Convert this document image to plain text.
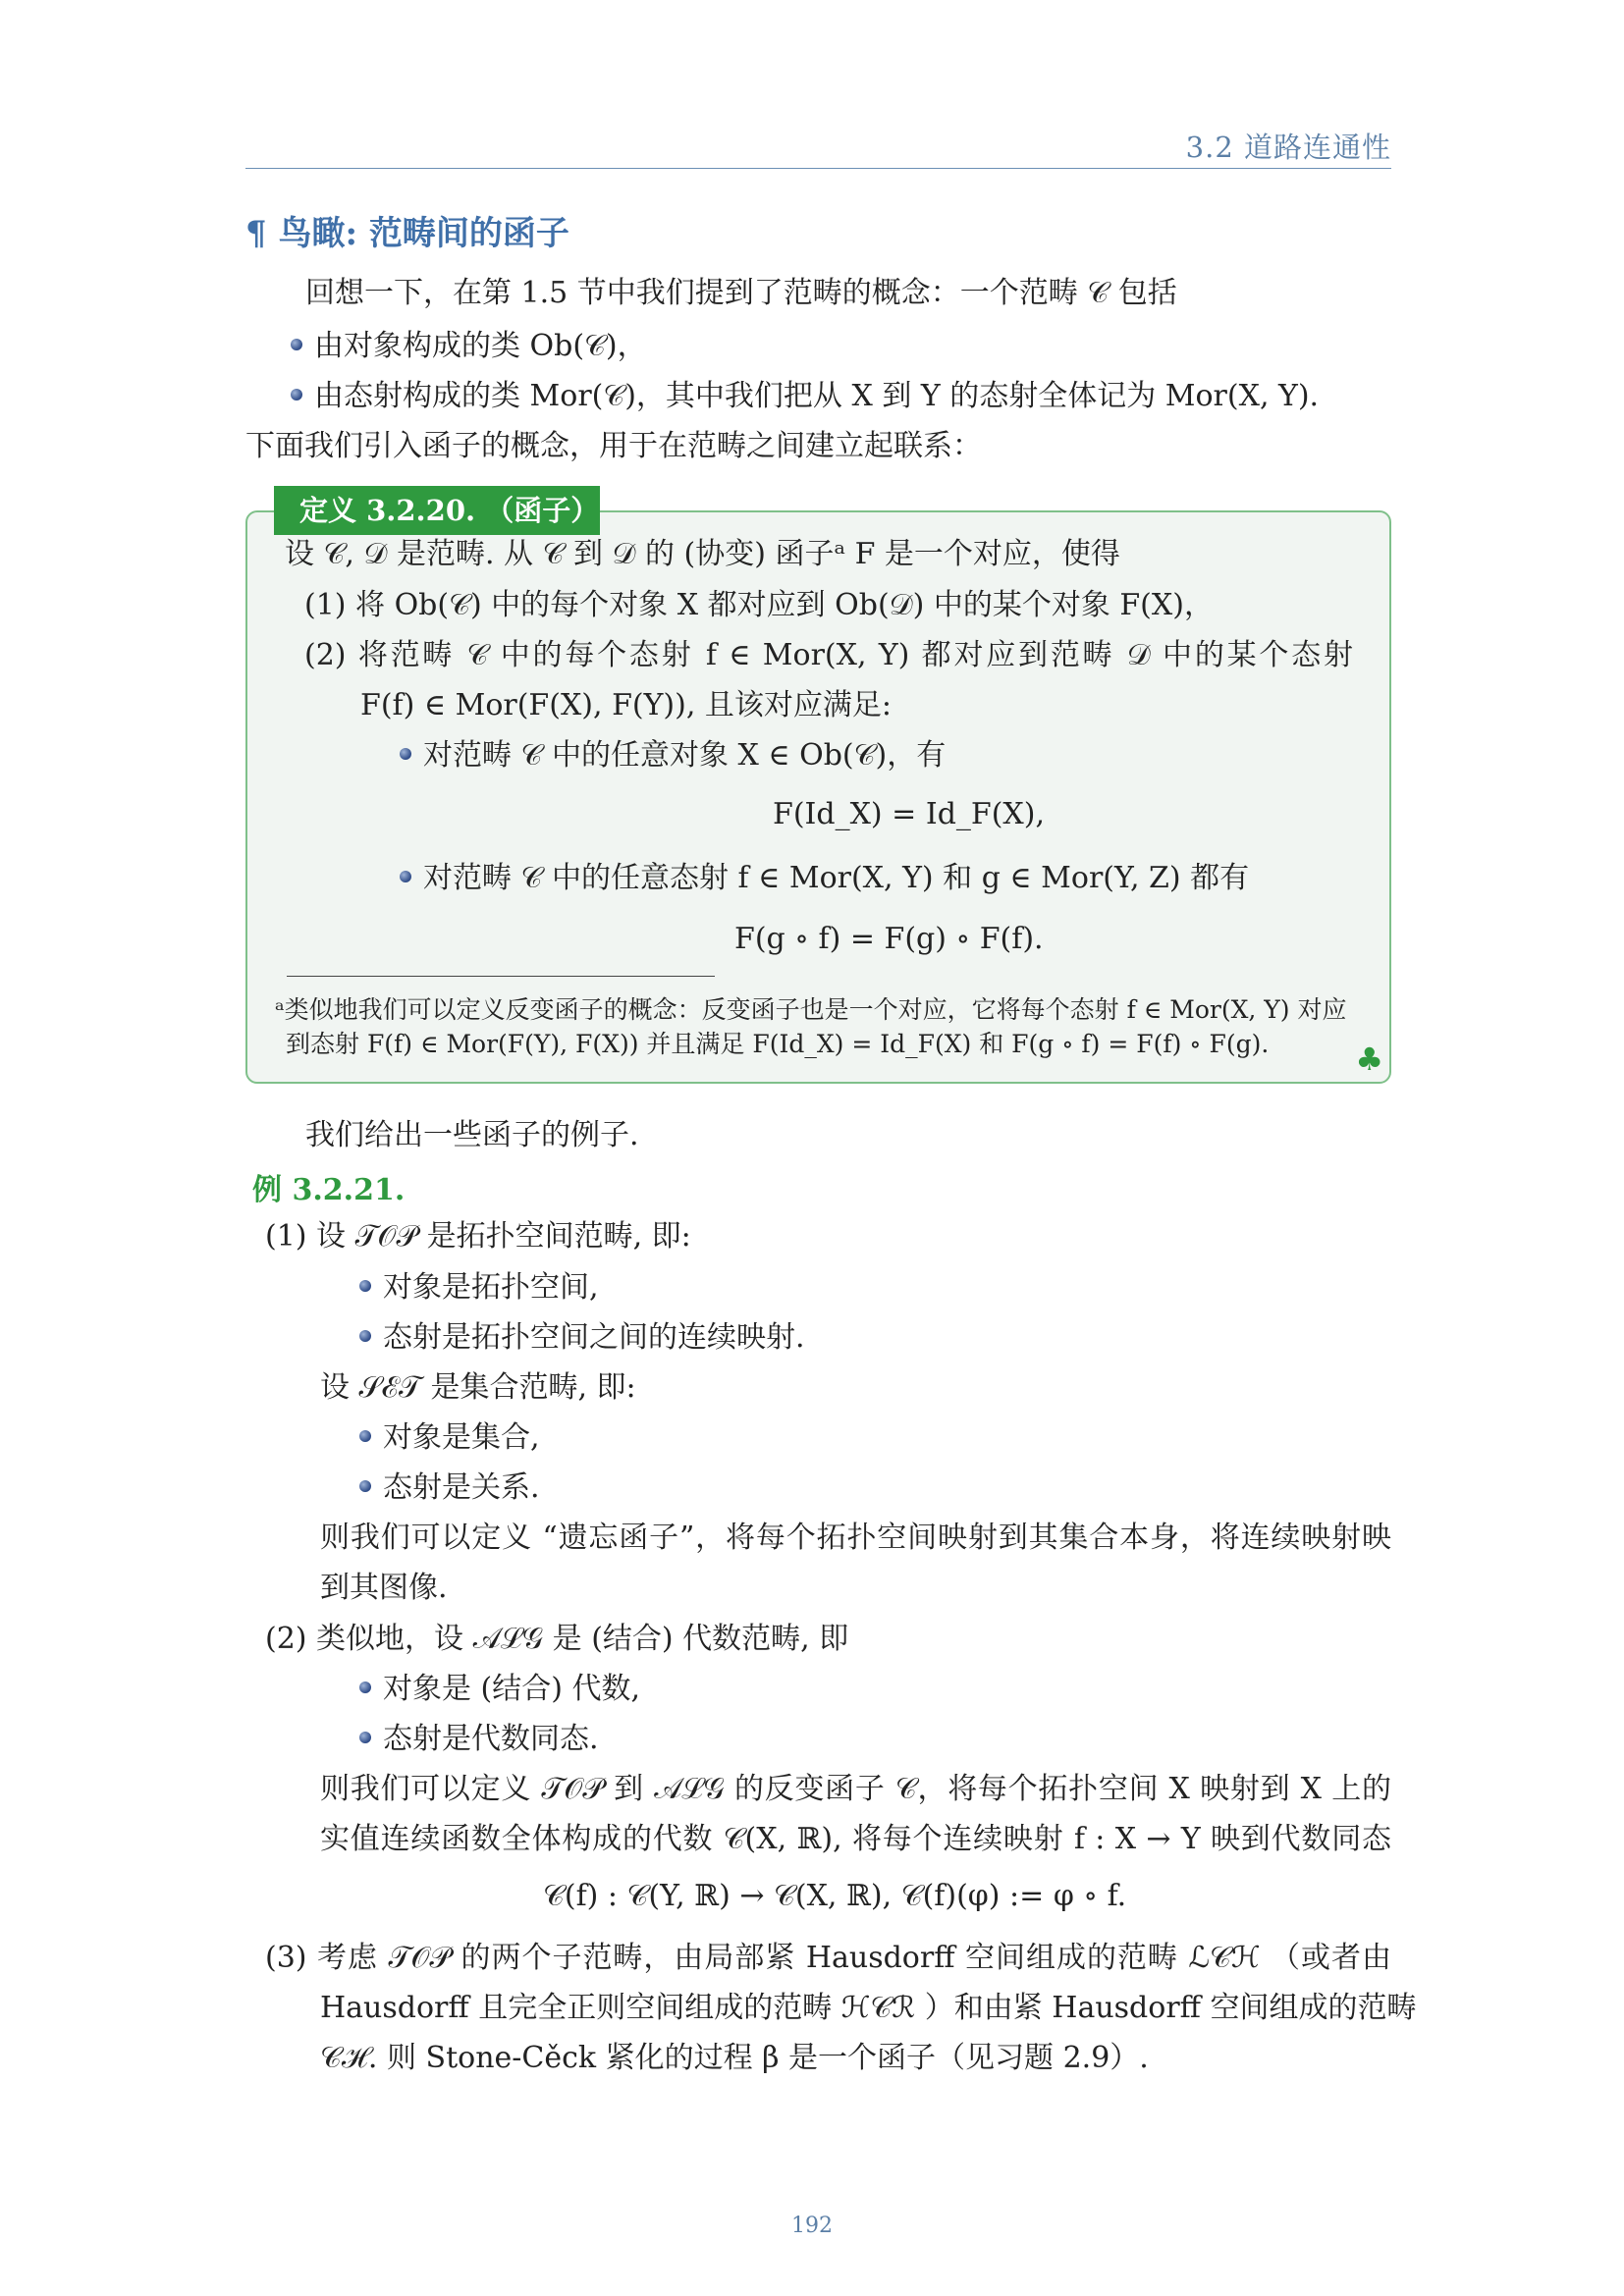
3.2 道路连通性
¶ 鸟瞰: 范畴间的函子
回想一下，在第 1.5 节中我们提到了范畴的概念：一个范畴 𝒞 包括
由对象构成的类 Ob(𝒞)，
由态射构成的类 Mor(𝒞)，其中我们把从 X 到 Y 的态射全体记为 Mor(X, Y).
下面我们引入函子的概念，用于在范畴之间建立起联系：
定义 3.2.20. （函子）
设 𝒞, 𝒟 是范畴. 从 𝒞 到 𝒟 的 (协变) 函子ᵃ F 是一个对应，使得
(1) 将 Ob(𝒞) 中的每个对象 X 都对应到 Ob(𝒟) 中的某个对象 F(X)，
(2) 将范畴 𝒞 中的每个态射 f ∈ Mor(X, Y) 都对应到范畴 𝒟 中的某个态射
F(f) ∈ Mor(F(X), F(Y)), 且该对应满足:
对范畴 𝒞 中的任意对象 X ∈ Ob(𝒞)，有
F(Id_X) = Id_F(X),
对范畴 𝒞 中的任意态射 f ∈ Mor(X, Y) 和 g ∈ Mor(Y, Z) 都有
F(g ∘ f) = F(g) ∘ F(f).
ᵃ类似地我们可以定义反变函子的概念：反变函子也是一个对应，它将每个态射 f ∈ Mor(X, Y) 对应
到态射 F(f) ∈ Mor(F(Y), F(X)) 并且满足 F(Id_X) = Id_F(X) 和 F(g ∘ f) = F(f) ∘ F(g).	♣
我们给出一些函子的例子.
例 3.2.21.
(1) 设 𝒯𝒪𝒫 是拓扑空间范畴, 即:
对象是拓扑空间,
态射是拓扑空间之间的连续映射.
设 𝒮ℰ𝒯 是集合范畴, 即:
对象是集合,
态射是关系.
则我们可以定义 “遗忘函子”，将每个拓扑空间映射到其集合本身，将连续映射映
到其图像.
(2) 类似地，设 𝒜ℒ𝒢 是 (结合) 代数范畴, 即
对象是 (结合) 代数,
态射是代数同态.
则我们可以定义 𝒯𝒪𝒫 到 𝒜ℒ𝒢 的反变函子 𝒞，将每个拓扑空间 X 映射到 X 上的
实值连续函数全体构成的代数 𝒞(X, ℝ), 将每个连续映射 f : X → Y 映到代数同态
𝒞(f) : 𝒞(Y, ℝ) → 𝒞(X, ℝ), 𝒞(f)(φ) := φ ∘ f.
(3) 考虑 𝒯𝒪𝒫 的两个子范畴，由局部紧 Hausdorff 空间组成的范畴 ℒ𝒞ℋ （或者由
Hausdorff 且完全正则空间组成的范畴 ℋ𝒞ℛ ）和由紧 Hausdorff 空间组成的范畴
𝒞ℋ. 则 Stone-Cěck 紧化的过程 β 是一个函子（见习题 2.9）.
192
